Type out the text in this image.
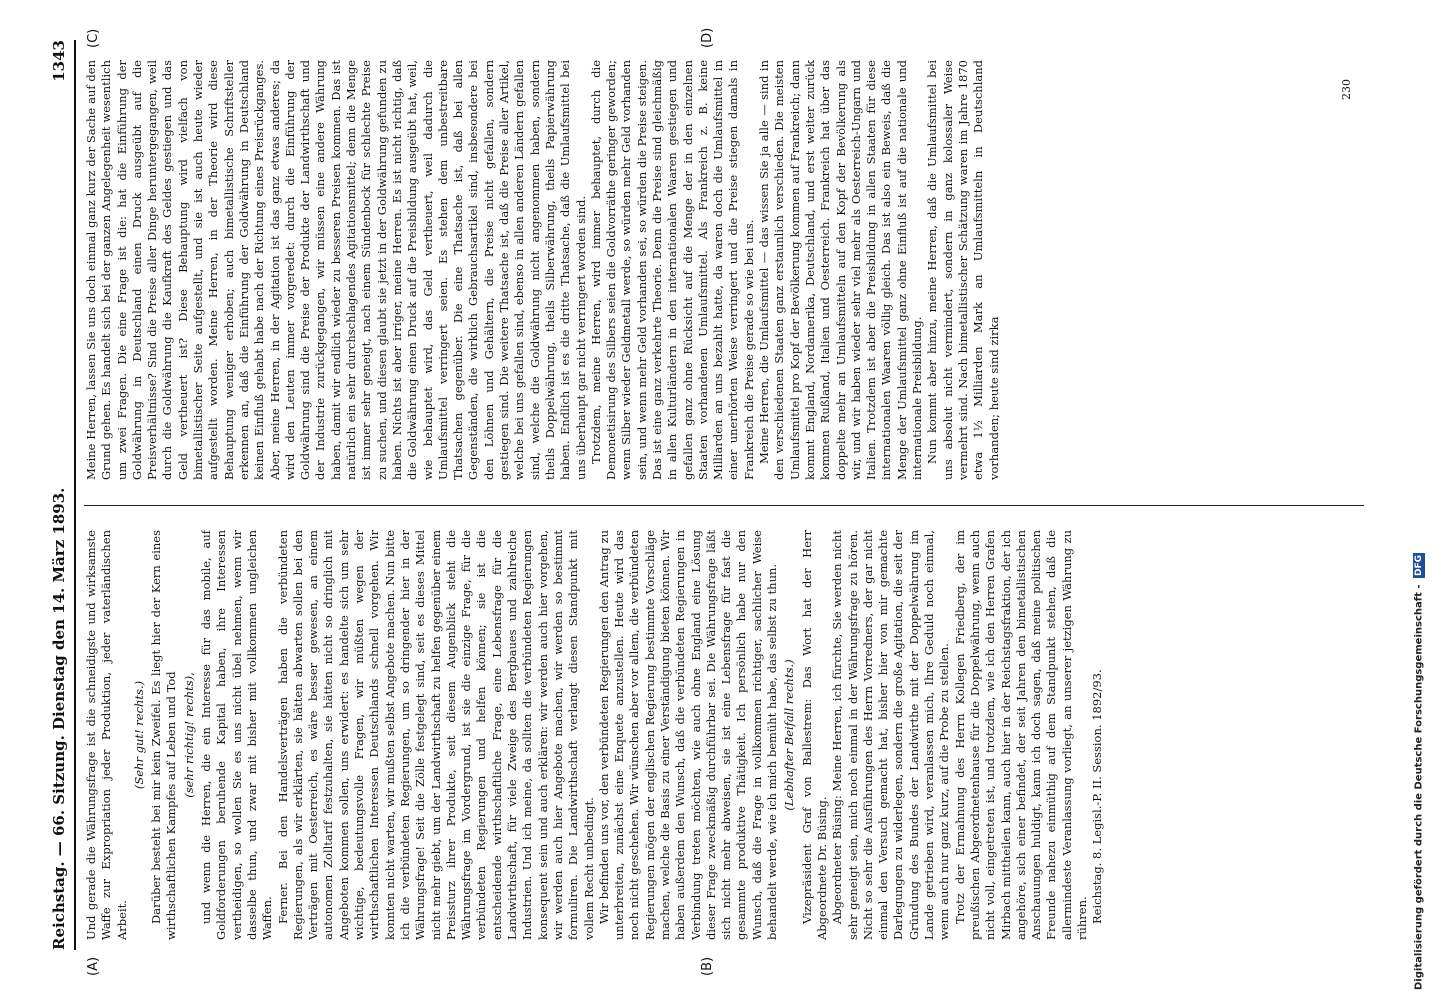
Reichstag. — 66. Sitzung. Dienstag den 14. März 1893.
1343
(A)	(B)
(C)	(D)

Und gerade die Währungsfrage ist die schneidigste und wirksamste Waffe zur Expropriation jeder Produktion, jeder vaterländischen Arbeit.

(Sehr gut! rechts.) Darüber besteht bei mir kein Zweifel. Es liegt hier der Kern eines wirthschaftlichen Kampfes auf Leben und Tod (sehr richtig! rechts), und wenn die Herren, die ein Interesse für das mobile, auf Goldforderungen beruhende Kapital haben, ihre Interessen vertheidigen, so wollen Sie es uns nicht übel nehmen, wenn wir dasselbe thun, und zwar mit bisher mit vollkommen ungleichen Waffen. Ferner. Bei den Handelsverträgen haben die verbündeten Regierungen, als wir erklärten, sie hätten abwarten sollen bei den Verträgen mit Oesterreich, es wäre besser gewesen, an einem autonomen Zolltarif festzuhalten, sie hätten nicht so dringlich mit Angeboten kommen sollen, uns erwidert: es handelte sich um sehr wichtige, bedeutungsvolle Fragen, wir müßten wegen der wirthschaftlichen Interessen Deutschlands schnell vorgehen. Wir konnten nicht warten, wir mußten selbst Angebote machen. Nun bitte ich die verbündeten Regierungen, um so dringender hier in der Währungsfrage! Seit die Zölle festgelegt sind, seit es dieses Mittel nicht mehr giebt, um der Landwirthschaft zu helfen gegenüber einem Preissturz ihrer Produkte, seit diesem Augenblick steht die Währungsfrage im Vordergrund, ist sie die einzige Frage, für die verbündeten Regierungen und helfen können; sie ist die entscheidende wirthschaftliche Frage, eine Lebensfrage für die Landwirthschaft, für viele Zweige des Bergbaues und zahlreiche Industrien. Und ich meine, da sollten die verbündeten Regierungen konsequent sein und auch erklären: wir werden auch hier vorgehen, wir werden auch hier Angebote machen, wir werden so bestimmt formuliren. Die Landwirthschaft verlangt diesen Standpunkt mit vollem Recht unbedingt. Wir befinden uns vor, den verbündeten Regierungen den Antrag zu unterbreiten, zunächst eine Enquete anzustellen. Heute wird das noch nicht geschehen. Wir wünschen aber vor allem, die verbündeten Regierungen mögen der englischen Regierung bestimmte Vorschläge machen, welche die Basis zu einer Verständigung bieten können. Wir haben außerdem den Wunsch, daß die verbündeten Regierungen in Verbindung treten möchten, wie auch ohne England eine Lösung dieser Frage zweckmäßig durchführbar sei. Die Währungsfrage läßt sich nicht mehr abweisen, sie ist eine Lebensfrage für fast die gesammte produktive Thätigkeit. Ich persönlich habe nur den Wunsch, daß die Frage in vollkommen richtiger, sachlicher Weise behandelt werde, wie ich mich bemüht habe, das selbst zu thun. (Lebhafter Beifall rechts.) Vizepräsident Graf von Ballestrem: Das Wort hat der Herr Abgeordnete Dr. Büsing. Abgeordneter Büsing: Meine Herren, ich fürchte, Sie werden nicht sehr geneigt sein, mich noch einmal in der Währungsfrage zu hören. Nicht so sehr die Ausführungen des Herrn Vorredners, der gar nicht einmal den Versuch gemacht hat, bisher hier von mir gemachte Darlegungen zu widerlegen, sondern die große Agitation, die seit der Gründung des Bundes der Landwirthe mit der Doppelwährung im Lande getrieben wird, veranlassen mich, Ihre Geduld noch einmal, wenn auch nur ganz kurz, auf die Probe zu stellen. Trotz der Ermahnung des Herrn Kollegen Friedberg, der im preußischen Abgeordnetenhause für die Doppelwährung, wenn auch nicht voll, eingetreten ist, und trotzdem, wie ich den Herren Grafen Mirbach mittheilen kann, auch hier in der Reichstagsfraktion, der ich angehöre, sich einer befindet, der seit Jahren den bimetallistischen Anschauungen huldigt, kann ich doch sagen, daß meine politischen Freunde nahezu einmüthig auf dem Standpunkt stehen, daß die allermindeste Veranlassung vorliegt, an unserer jetzigen Währung zu rühren. Reichstag. 8. Legisl.-P. II. Session. 1892/93.

Meine Herren, lassen Sie uns doch einmal ganz kurz der Sache auf den Grund gehen. Es handelt sich bei der ganzen Angelegenheit wesentlich um zwei Fragen. Die eine Frage ist die: hat die Einführung der Goldwährung in Deutschland einen Druck ausgeübt auf die Preisverhältnisse? Sind die Preise aller Dinge heruntergegangen, weil durch die Goldwährung die Kaufkraft des Geldes gestiegen und das Geld vertheuert ist? Diese Behauptung wird vielfach von bimetallistischer Seite aufgestellt, und sie ist auch heute wieder aufgestellt worden. Meine Herren, in der Theorie wird diese Behauptung weniger erhoben; auch bimetallistische Schriftsteller erkennen an, daß die Einführung der Goldwährung in Deutschland keinen Einfluß gehabt habe nach der Richtung eines Preisrückganges. Aber, meine Herren, in der Agitation ist das ganz etwas anderes; da wird den Leuten immer vorgeredet: durch die Einführung der Goldwährung sind die Preise der Produkte der Landwirthschaft und der Industrie zurückgegangen, wir müssen eine andere Währung haben, damit wir endlich wieder zu besseren Preisen kommen. Das ist natürlich ein sehr durchschlagendes Agitationsmittel; denn die Menge ist immer sehr geneigt, nach einem Sündenbock für schlechte Preise zu suchen, und diesen glaubt sie jetzt in der Goldwährung gefunden zu haben. Nichts ist aber irriger, meine Herren. Es ist nicht richtig, daß die Goldwährung einen Druck auf die Preisbildung ausgeübt hat, weil, wie behauptet wird, das Geld vertheuert, weil dadurch die Umlaufsmittel verringert seien. Es stehen dem unbestreitbare Thatsachen gegenüber. Die eine Thatsache ist, daß bei allen Gegenständen, die wirklich Gebrauchsartikel sind, insbesondere bei den Löhnen und Gehältern, die Preise nicht gefallen, sondern gestiegen sind. Die weitere Thatsache ist, daß die Preise aller Artikel, welche bei uns gefallen sind, ebenso in allen anderen Ländern gefallen sind, welche die Goldwährung nicht angenommen haben, sondern theils Doppelwährung, theils Silberwährung, theils Papierwährung haben. Endlich ist es die dritte Thatsache, daß die Umlaufsmittel bei uns überhaupt gar nicht verringert worden sind. Trotzdem, meine Herren, wird immer behauptet, durch die Demonetisirung des Silbers seien die Goldvorräthe geringer geworden; wenn Silber wieder Geldmetall werde, so würden mehr Geld vorhanden sein, und wenn mehr Geld vorhanden sei, so würden die Preise steigen. Das ist eine ganz verkehrte Theorie. Denn die Preise sind gleichmäßig in allen Kulturländern in den internationalen Waaren gestiegen und gefallen ganz ohne Rücksicht auf die Menge der in den einzelnen Staaten vorhandenen Umlaufsmittel. Als Frankreich z. B. keine Milliarden an uns bezahlt hatte, da waren doch die Umlaufsmittel in einer unerhörten Weise verringert und die Preise stiegen damals in Frankreich die Preise gerade so wie bei uns. Meine Herren, die Umlaufsmittel — das wissen Sie ja alle — sind in den verschiedenen Staaten ganz erstaunlich verschieden. Die meisten Umlaufsmittel pro Kopf der Bevölkerung kommen auf Frankreich; dann kommt England, Nordamerika, Deutschland, und erst weiter zurück kommen Rußland, Italien und Oesterreich. Frankreich hat über das doppelte mehr an Umlaufsmitteln auf den Kopf der Bevölkerung als wir, und wir haben wieder sehr viel mehr als Oesterreich-Ungarn und Italien. Trotzdem ist aber die Preisbildung in allen Staaten für diese internationalen Waaren völlig gleich. Das ist also ein Beweis, daß die Menge der Umlaufsmittel ganz ohne Einfluß ist auf die nationale und internationale Preisbildung. Nun kommt aber hinzu, meine Herren, daß die Umlaufsmittel bei uns absolut nicht vermindert, sondern in ganz kolossaler Weise vermehrt sind. Nach bimetallistischer Schätzung waren im Jahre 1870 etwa 1½ Milliarden Mark an Umlaufsmitteln in Deutschland vorhanden; heute sind zirka

230
Digitalisierung gefördert durch die Deutsche Forschungsgemeinschaft -
DFG
